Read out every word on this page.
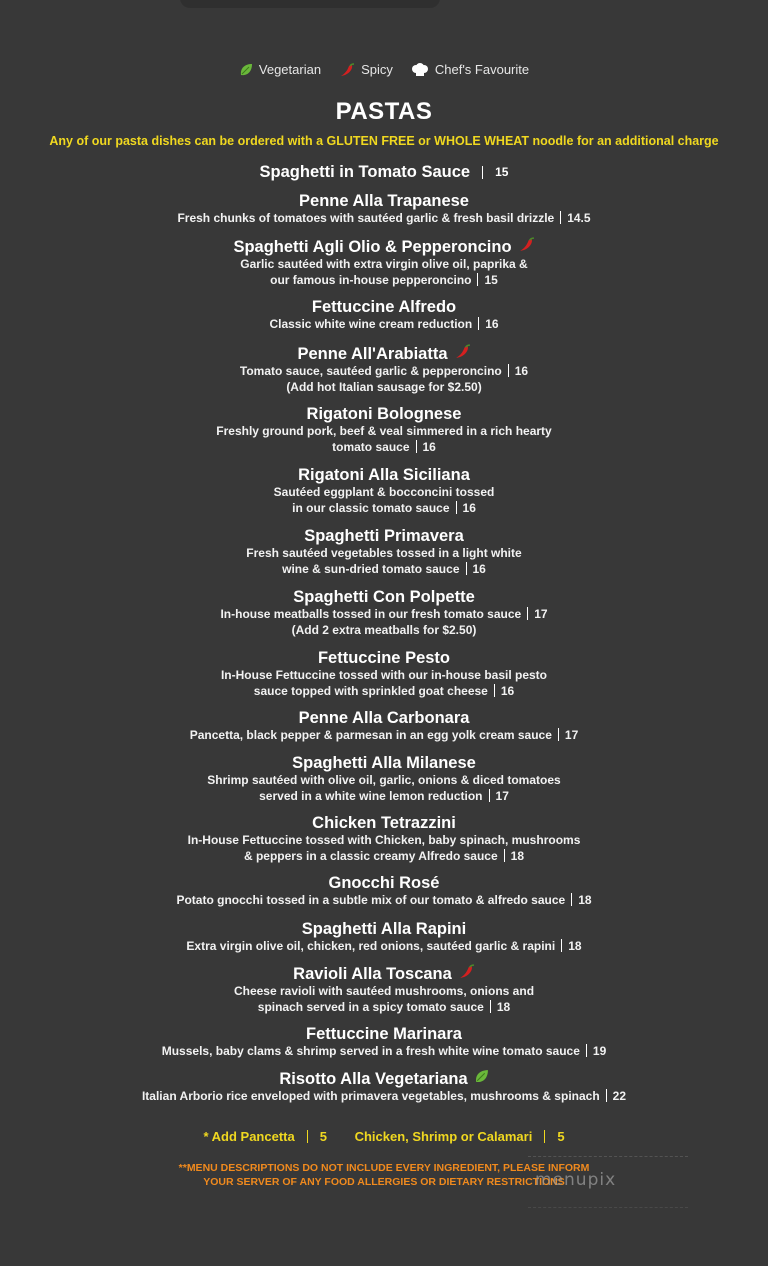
Vegetarian	Spicy	Chef's Favourite
PASTAS
Any of our pasta dishes can be ordered with a GLUTEN FREE or WHOLE WHEAT noodle for an additional charge
Spaghetti in Tomato Sauce 15
Penne Alla Trapanese
Fresh chunks of tomatoes with sautéed garlic & fresh basil drizzle 14.5
Spaghetti Agli Olio & Pepperoncino
Garlic sautéed with extra virgin olive oil, paprika &
our famous in-house pepperoncino 15
Fettuccine Alfredo
Classic white wine cream reduction 16
Penne All'Arabiatta
Tomato sauce, sautéed garlic & pepperoncino 16
(Add hot Italian sausage for $2.50)
Rigatoni Bolognese
Freshly ground pork, beef & veal simmered in a rich hearty
tomato sauce 16
Rigatoni Alla Siciliana
Sautéed eggplant & bocconcini tossed
in our classic tomato sauce 16
Spaghetti Primavera
Fresh sautéed vegetables tossed in a light white
wine & sun-dried tomato sauce 16
Spaghetti Con Polpette
In-house meatballs tossed in our fresh tomato sauce 17
(Add 2 extra meatballs for $2.50)
Fettuccine Pesto
In-House Fettuccine tossed with our in-house basil pesto
sauce topped with sprinkled goat cheese 16
Penne Alla Carbonara
Pancetta, black pepper & parmesan in an egg yolk cream sauce 17
Spaghetti Alla Milanese
Shrimp sautéed with olive oil, garlic, onions & diced tomatoes
served in a white wine lemon reduction 17
Chicken Tetrazzini
In-House Fettuccine tossed with Chicken, baby spinach, mushrooms
& peppers in a classic creamy Alfredo sauce 18
Gnocchi Rosé
Potato gnocchi tossed in a subtle mix of our tomato & alfredo sauce 18
Spaghetti Alla Rapini
Extra virgin olive oil, chicken, red onions, sautéed garlic & rapini 18
Ravioli Alla Toscana
Cheese ravioli with sautéed mushrooms, onions and
spinach served in a spicy tomato sauce 18
Fettuccine Marinara
Mussels, baby clams & shrimp served in a fresh white wine tomato sauce 19
Risotto Alla Vegetariana
Italian Arborio rice enveloped with primavera vegetables, mushrooms & spinach 22
* Add Pancetta 5 Chicken, Shrimp or Calamari 5
**MENU DESCRIPTIONS DO NOT INCLUDE EVERY INGREDIENT, PLEASE INFORM
YOUR SERVER OF ANY FOOD ALLERGIES OR DIETARY RESTRICTIONS
menupix
